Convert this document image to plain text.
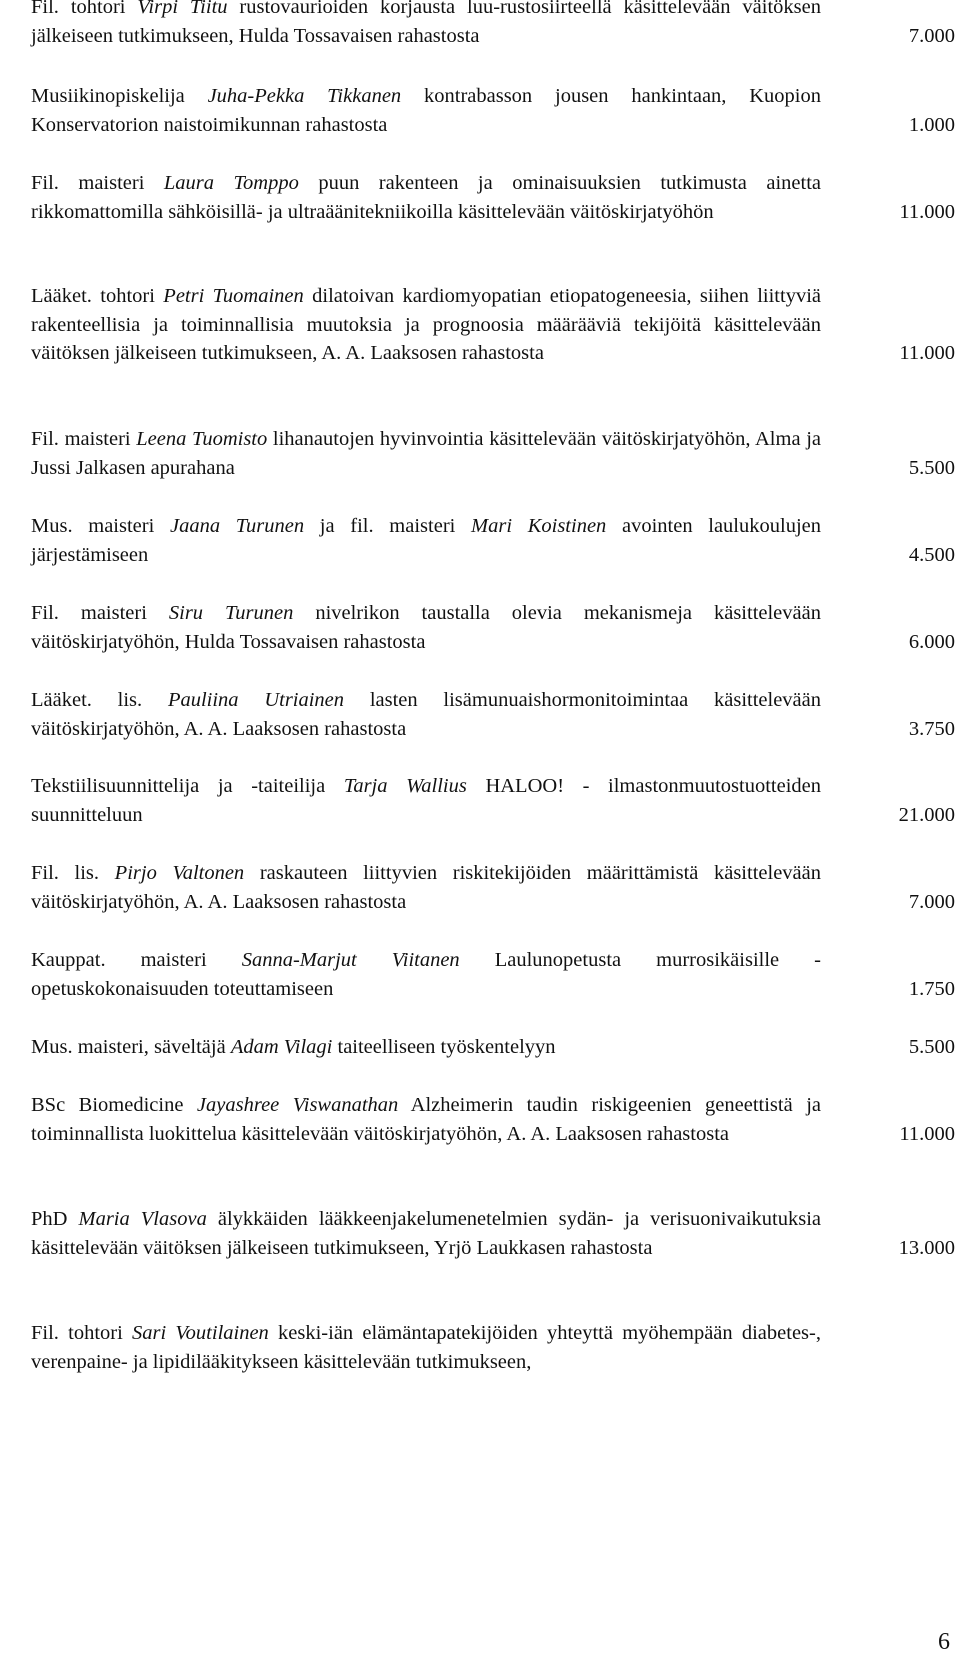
Fil. tohtori Virpi Tiitu rustovaurioiden korjausta luu-rustosiirteellä käsittelevään väitöksen jälkeiseen tutkimukseen, Hulda Tossavaisen rahastosta	7.000
Musiikinopiskelija Juha-Pekka Tikkanen kontrabasson jousen hankintaan, Kuopion Konservatorion naistoimikunnan rahastosta	1.000
Fil. maisteri Laura Tomppo puun rakenteen ja ominaisuuksien tutkimusta ainetta rikkomattomilla sähköisillä- ja ultraäänitekniikoilla käsittelevään väitöskirjatyöhön	11.000
Lääket. tohtori Petri Tuomainen dilatoivan kardiomyopatian etiopatogeneesia, siihen liittyviä rakenteellisia ja toiminnallisia muutoksia ja prognoosia määrääviä tekijöitä käsittelevään väitöksen jälkeiseen tutkimukseen, A. A. Laaksosen rahastosta	11.000
Fil. maisteri Leena Tuomisto lihanautojen hyvinvointia käsittelevään väitöskirjatyöhön, Alma ja Jussi Jalkasen apurahana	5.500
Mus. maisteri Jaana Turunen ja fil. maisteri Mari Koistinen avointen laulukoulujen järjestämiseen	4.500
Fil. maisteri Siru Turunen nivelrikon taustalla olevia mekanismeja käsittelevään väitöskirjatyöhön, Hulda Tossavaisen rahastosta	6.000
Lääket. lis. Pauliina Utriainen lasten lisämunuaishormonitoimintaa käsittelevään väitöskirjatyöhön, A. A. Laaksosen rahastosta	3.750
Tekstiilisuunnittelija ja -taiteilija Tarja Wallius HALOO! - ilmastonmuutostuotteiden suunnitteluun	21.000
Fil. lis. Pirjo Valtonen raskauteen liittyvien riskitekijöiden määrittämistä käsittelevään väitöskirjatyöhön, A. A. Laaksosen rahastosta	7.000
Kauppat. maisteri Sanna-Marjut Viitanen Laulunopetusta murrosikäisille - opetuskokonaisuuden toteuttamiseen	1.750
Mus. maisteri, säveltäjä Adam Vilagi taiteelliseen työskentelyyn	5.500
BSc Biomedicine Jayashree Viswanathan Alzheimerin taudin riskigeenien geneettistä ja toiminnallista luokittelua käsittelevään väitöskirjatyöhön, A. A. Laaksosen rahastosta	11.000
PhD Maria Vlasova älykkäiden lääkkeenjakelumenetelmien sydän- ja verisuonivaikutuksia käsittelevään väitöksen jälkeiseen tutkimukseen, Yrjö Laukkasen rahastosta	13.000
Fil. tohtori Sari Voutilainen keski-iän elämäntapatekijöiden yhteyttä myöhempään diabetes-, verenpaine- ja lipidilääkitykseen käsittelevään tutkimukseen,
6
